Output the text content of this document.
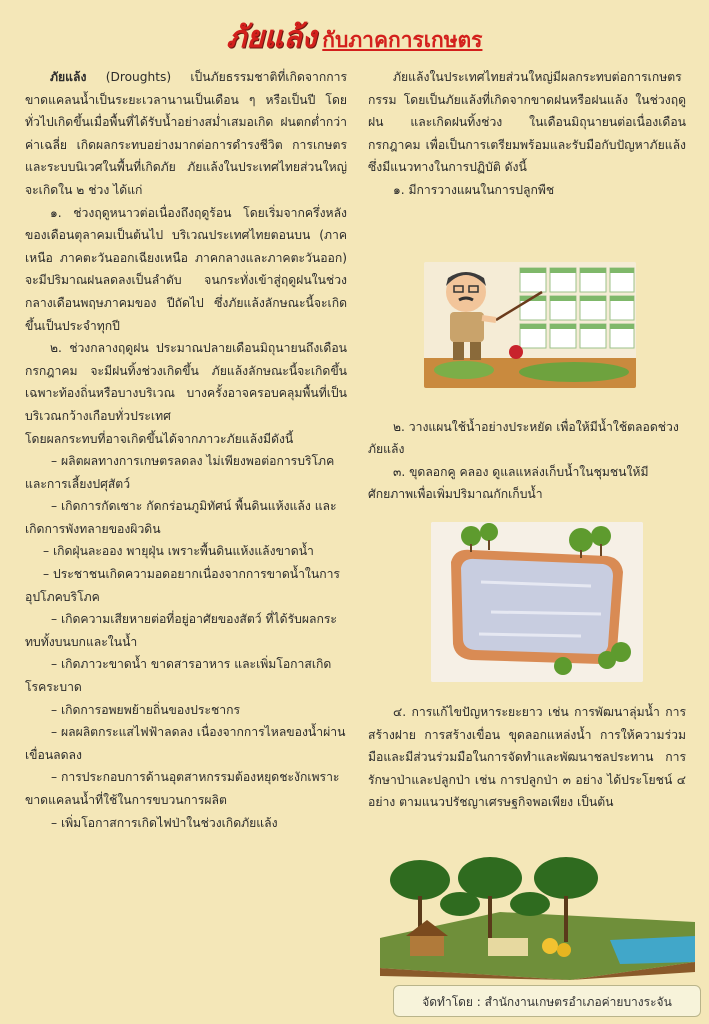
ภัยแล้ง กับภาคการเกษตร

ภัยแล้ง (Droughts) เป็นภัยธรรมชาติที่เกิดจากการขาดแคลนน้ำเป็นระยะเวลานานเป็นเดือน ๆ หรือเป็นปี โดยทั่วไปเกิดขึ้นเมื่อพื้นที่ได้รับน้ำอย่างสม่ำเสมอเกิด ฝนตกต่ำกว่าค่าเฉลี่ย เกิดผลกระทบอย่างมากต่อการดำรงชีวิต การเกษตร และระบบนิเวศในพื้นที่เกิดภัย ภัยแล้งในประเทศไทยส่วนใหญ่จะเกิดใน ๒ ช่วง ได้แก่

๑. ช่วงฤดูหนาวต่อเนื่องถึงฤดูร้อน โดยเริ่มจากครึ่งหลังของเดือนตุลาคมเป็นต้นไป บริเวณประเทศไทยตอนบน (ภาคเหนือ ภาคตะวันออกเฉียงเหนือ ภาคกลางและภาคตะวันออก) จะมีปริมาณฝนลดลงเป็นลำดับ จนกระทั่งเข้าสู่ฤดูฝนในช่วงกลางเดือนพฤษภาคมของ ปีถัดไป ซึ่งภัยแล้งลักษณะนี้จะเกิดขึ้นเป็นประจำทุกปี

๒. ช่วงกลางฤดูฝน ประมาณปลายเดือนมิถุนายนถึงเดือนกรกฎาคม จะมีฝนทิ้งช่วงเกิดขึ้น ภัยแล้งลักษณะนี้จะเกิดขึ้นเฉพาะท้องถิ่นหรือบางบริเวณ บางครั้งอาจครอบคลุมพื้นที่เป็นบริเวณกว้างเกือบทั่วประเทศ

โดยผลกระทบที่อาจเกิดขึ้นได้จากภาวะภัยแล้งมีดังนี้

– ผลิตผลทางการเกษตรลดลง ไม่เพียงพอต่อการบริโภค และการเลี้ยงปศุสัตว์

– เกิดการกัดเซาะ กัดกร่อนภูมิทัศน์ พื้นดินแห้งแล้ง และเกิดการพังทลายของผิวดิน

– เกิดฝุ่นละออง พายุฝุ่น เพราะพื้นดินแห้งแล้งขาดน้ำ

– ประชาชนเกิดความอดอยากเนื่องจากการขาดน้ำในการอุปโภคบริโภค

– เกิดความเสียหายต่อที่อยู่อาศัยของสัตว์ ที่ได้รับผลกระทบทั้งบนบกและในน้ำ

– เกิดภาวะขาดน้ำ ขาดสารอาหาร และเพิ่มโอกาสเกิดโรคระบาด

– เกิดการอพยพย้ายถิ่นของประชากร

– ผลผลิตกระแสไฟฟ้าลดลง เนื่องจากการไหลของน้ำผ่านเขื่อนลดลง

– การประกอบการด้านอุตสาหกรรมต้องหยุดชะงักเพราะขาดแคลนน้ำที่ใช้ในการขบวนการผลิต

– เพิ่มโอกาสการเกิดไฟป่าในช่วงเกิดภัยแล้ง

ภัยแล้งในประเทศไทยส่วนใหญ่มีผลกระทบต่อการเกษตรกรรม โดยเป็นภัยแล้งที่เกิดจากขาดฝนหรือฝนแล้ง ในช่วงฤดูฝน และเกิดฝนทิ้งช่วง ในเดือนมิถุนายนต่อเนื่องเดือนกรกฎาคม เพื่อเป็นการเตรียมพร้อมและรับมือกับปัญหาภัยแล้ง ซึ่งมีแนวทางในการปฏิบัติ ดังนี้

๑. มีการวางแผนในการปลูกพืช

๒. วางแผนใช้น้ำอย่างประหยัด เพื่อให้มีน้ำใช้ตลอดช่วงภัยแล้ง

๓. ขุดลอกคู คลอง ดูแลแหล่งเก็บน้ำในชุมชนให้มีศักยภาพเพื่อเพิ่มปริมาณกักเก็บน้ำ

๔. การแก้ไขปัญหาระยะยาว เช่น การพัฒนาลุ่มน้ำ การสร้างฝาย การสร้างเขื่อน ขุดลอกแหล่งน้ำ การให้ความร่วมมือและมีส่วนร่วมมือในการจัดทำและพัฒนาชลประทาน การรักษาป่าและปลูกป่า เช่น การปลูกป่า ๓ อย่าง ได้ประโยชน์ ๔ อย่าง ตามแนวปรัชญาเศรษฐกิจพอเพียง เป็นต้น

จัดทำโดย : สำนักงานเกษตรอำเภอค่ายบางระจัน
